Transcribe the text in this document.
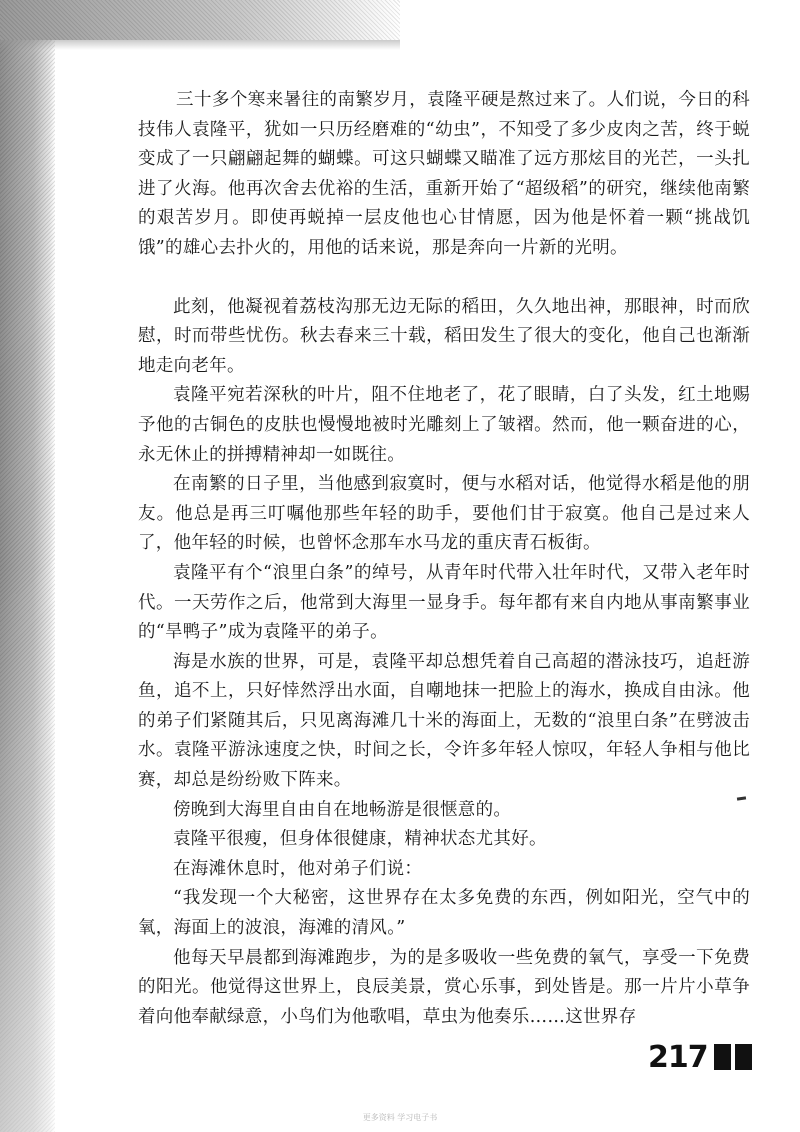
三十多个寒来暑往的南繁岁月，袁隆平硬是熬过来了。人们说，今日的科技伟人袁隆平，犹如一只历经磨难的“幼虫”，不知受了多少皮肉之苦，终于蜕变成了一只翩翩起舞的蝴蝶。可这只蝴蝶又瞄准了远方那炫目的光芒，一头扎进了火海。他再次舍去优裕的生活，重新开始了“超级稻”的研究，继续他南繁的艰苦岁月。即使再蜕掉一层皮他也心甘情愿，因为他是怀着一颗“挑战饥饿”的雄心去扑火的，用他的话来说，那是奔向一片新的光明。

此刻，他凝视着荔枝沟那无边无际的稻田，久久地出神，那眼神，时而欣慰，时而带些忧伤。秋去春来三十载，稻田发生了很大的变化，他自己也渐渐地走向老年。

袁隆平宛若深秋的叶片，阻不住地老了，花了眼睛，白了头发，红土地赐予他的古铜色的皮肤也慢慢地被时光雕刻上了皱褶。然而，他一颗奋进的心，永无休止的拼搏精神却一如既往。

在南繁的日子里，当他感到寂寞时，便与水稻对话，他觉得水稻是他的朋友。他总是再三叮嘱他那些年轻的助手，要他们甘于寂寞。他自己是过来人了，他年轻的时候，也曾怀念那车水马龙的重庆青石板街。

袁隆平有个“浪里白条”的绰号，从青年时代带入壮年时代，又带入老年时代。一天劳作之后，他常到大海里一显身手。每年都有来自内地从事南繁事业的“旱鸭子”成为袁隆平的弟子。

海是水族的世界，可是，袁隆平却总想凭着自己高超的潜泳技巧，追赶游鱼，追不上，只好悻然浮出水面，自嘲地抹一把脸上的海水，换成自由泳。他的弟子们紧随其后，只见离海滩几十米的海面上，无数的“浪里白条”在劈波击水。袁隆平游泳速度之快，时间之长，令许多年轻人惊叹，年轻人争相与他比赛，却总是纷纷败下阵来。

傍晚到大海里自由自在地畅游是很惬意的。

袁隆平很瘦，但身体很健康，精神状态尤其好。

在海滩休息时，他对弟子们说：

“我发现一个大秘密，这世界存在太多免费的东西，例如阳光，空气中的氧，海面上的波浪，海滩的清风。”

他每天早晨都到海滩跑步，为的是多吸收一些免费的氧气，享受一下免费的阳光。他觉得这世界上，良辰美景，赏心乐事，到处皆是。那一片片小草争着向他奉献绿意，小鸟们为他歌唱，草虫为他奏乐……这世界存

217
更多资料 学习电子书
